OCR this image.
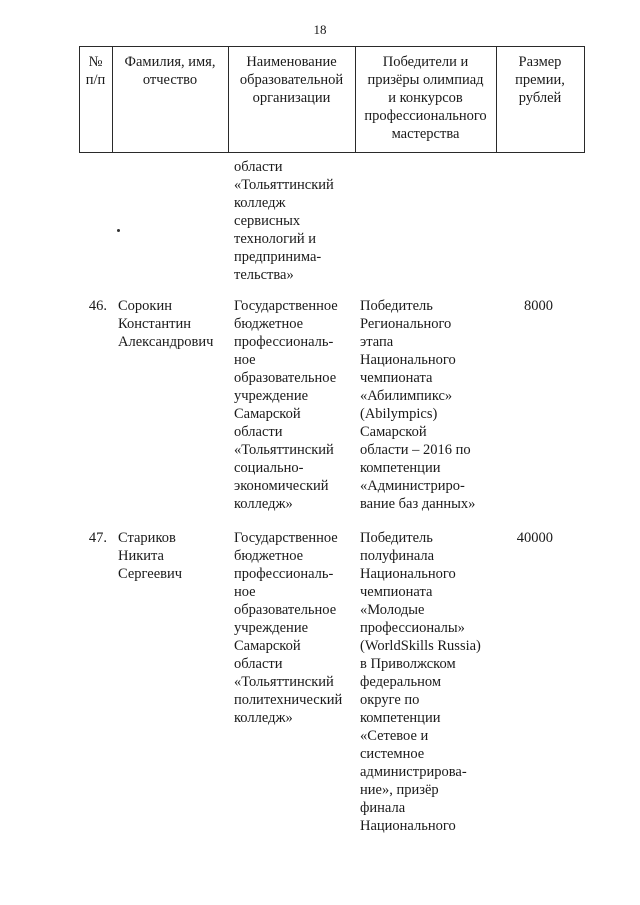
18
№
п/п
Фамилия, имя,
отчество
Наименование
образовательной
организации
Победители и
призёры олимпиад
и конкурсов
профессионального
мастерства
Размер
премии,
рублей
области
«Тольяттинский
колледж
сервисных
технологий и
предпринима-
тельства»
46. Сорокин
Константин
Александрович
Государственное
бюджетное
профессиональ-
ное
образовательное
учреждение
Самарской
области
«Тольяттинский
социально-
экономический
колледж»
Победитель
Регионального
этапа
Национального
чемпионата
«Абилимпикс»
(Abilympics)
Самарской
области – 2016 по
компетенции
«Администриро-
вание баз данных»
8000
47. Стариков
Никита
Сергеевич
Государственное
бюджетное
профессиональ-
ное
образовательное
учреждение
Самарской
области
«Тольяттинский
политехнический
колледж»
Победитель
полуфинала
Национального
чемпионата
«Молодые
профессионалы»
(WorldSkills Russia)
в Приволжском
федеральном
округе по
компетенции
«Сетевое и
системное
администрирова-
ние», призёр
финала
Национального
40000
